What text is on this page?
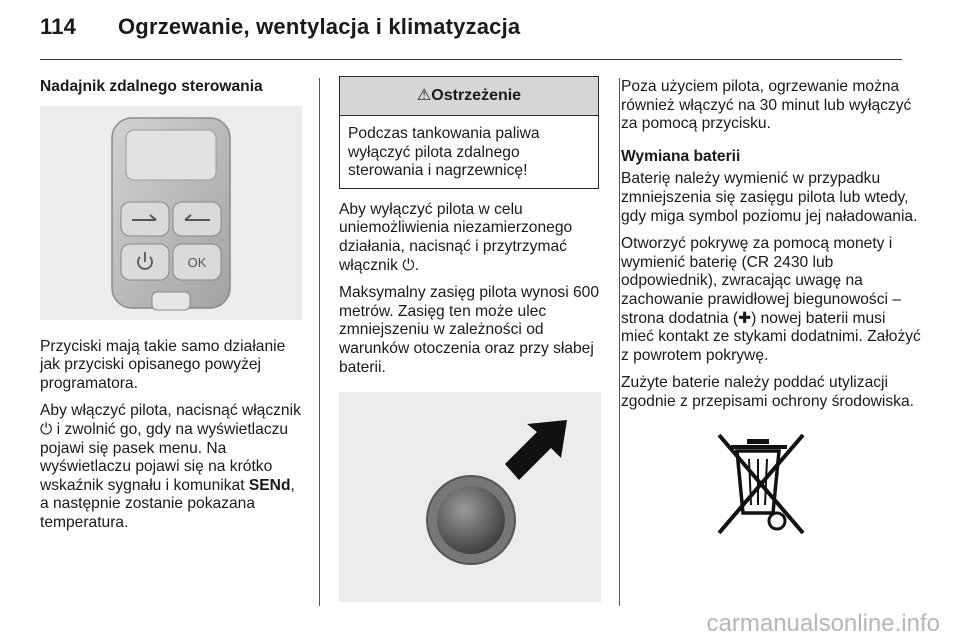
114 Ogrzewanie, wentylacja i klimatyzacja
Nadajnik zdalnego sterowania
OK

Przyciski mają takie samo działanie jak przyciski opisanego powyżej programatora.

Aby włączyć pilota, nacisnąć włącznik ⏻ i zwolnić go, gdy na wyświetlaczu pojawi się pasek menu. Na wyświetlaczu pojawi się na krótko wskaźnik sygnału i komunikat SENd, a następnie zostanie pokazana temperatura.

⚠Ostrzeżenie
Podczas tankowania paliwa wyłączyć pilota zdalnego sterowania i nagrzewnicę!

Aby wyłączyć pilota w celu uniemożliwienia niezamierzonego działania, nacisnąć i przytrzymać włącznik ⏻.

Maksymalny zasięg pilota wynosi 600 metrów. Zasięg ten może ulec zmniejszeniu w zależności od warunków otoczenia oraz przy słabej baterii.

Poza użyciem pilota, ogrzewanie można również włączyć na 30 minut lub wyłączyć za pomocą przycisku.

Wymiana baterii

Baterię należy wymienić w przypadku zmniejszenia się zasięgu pilota lub wtedy, gdy miga symbol poziomu jej naładowania.

Otworzyć pokrywę za pomocą monety i wymienić baterię (CR 2430 lub odpowiednik), zwracając uwagę na zachowanie prawidłowej biegunowości – strona dodatnia (✚) nowej baterii musi mieć kontakt ze stykami dodatnimi. Założyć z powrotem pokrywę.

Zużyte baterie należy poddać utylizacji zgodnie z przepisami ochrony środowiska.

carmanualsonline.info
